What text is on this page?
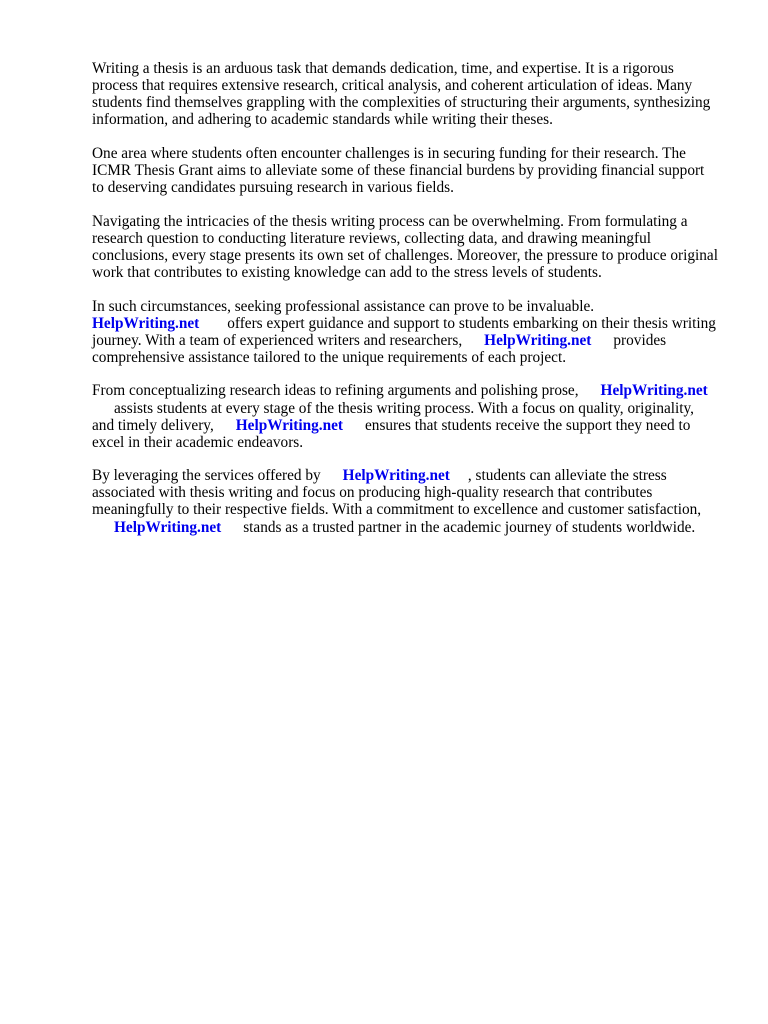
Writing a thesis is an arduous task that demands dedication, time, and expertise. It is a rigorous
process that requires extensive research, critical analysis, and coherent articulation of ideas. Many
students find themselves grappling with the complexities of structuring their arguments, synthesizing
information, and adhering to academic standards while writing their theses.

One area where students often encounter challenges is in securing funding for their research. The
ICMR Thesis Grant aims to alleviate some of these financial burdens by providing financial support
to deserving candidates pursuing research in various fields.

Navigating the intricacies of the thesis writing process can be overwhelming. From formulating a
research question to conducting literature reviews, collecting data, and drawing meaningful
conclusions, every stage presents its own set of challenges. Moreover, the pressure to produce original
work that contributes to existing knowledge can add to the stress levels of students.

In such circumstances, seeking professional assistance can prove to be invaluable.
HelpWriting.net offers expert guidance and support to students embarking on their thesis writing
journey. With a team of experienced writers and researchers, HelpWriting.net provides
comprehensive assistance tailored to the unique requirements of each project.

From conceptualizing research ideas to refining arguments and polishing prose, HelpWriting.net
assists students at every stage of the thesis writing process. With a focus on quality, originality,
and timely delivery, HelpWriting.net ensures that students receive the support they need to
excel in their academic endeavors.

By leveraging the services offered by HelpWriting.net , students can alleviate the stress
associated with thesis writing and focus on producing high-quality research that contributes
meaningfully to their respective fields. With a commitment to excellence and customer satisfaction,
HelpWriting.net stands as a trusted partner in the academic journey of students worldwide.
